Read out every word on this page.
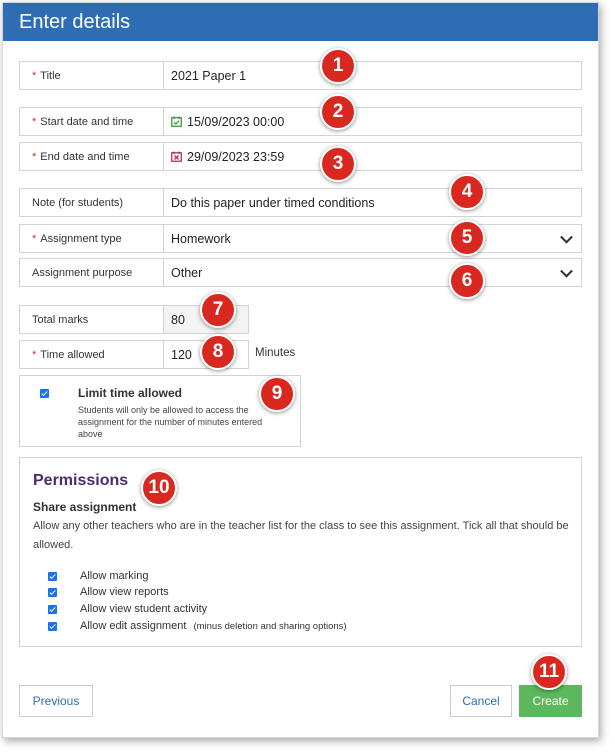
Enter details
* Title	2021 Paper 1
* Start date and time	15/09/2023 00:00
* End date and time	29/09/2023 23:59
Note (for students)	Do this paper under timed conditions
* Assignment type	Homework
Assignment purpose	Other
Total marks	80
* Time allowed	120	Minutes
Limit time allowed
Students will only be allowed to access the assignment for the number of minutes entered above
Permissions
Share assignment
Allow any other teachers who are in the teacher list for the class to see this assignment. Tick all that should be allowed.
Allow marking
Allow view reports
Allow view student activity
Allow edit assignment (minus deletion and sharing options)
Previous	Cancel	Create
1
2
3
4
5
6
7
8
9
10
11
